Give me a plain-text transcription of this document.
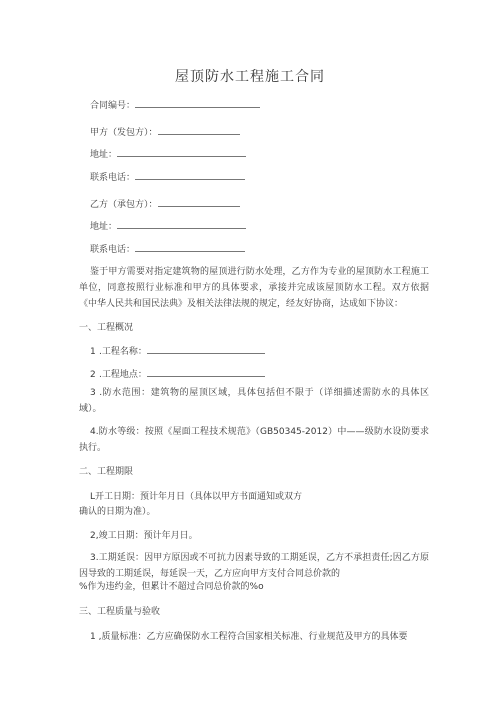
屋顶防水工程施工合同
合同编号：
甲方（发包方）：
地址：
联系电话：
乙方（承包方）：
地址：
联系电话：
鉴于甲方需要对指定建筑物的屋顶进行防水处理，乙方作为专业的屋顶防水工程施工单位，同意按照行业标准和甲方的具体要求，承接并完成该屋顶防水工程。双方依据《中华人民共和国民法典》及相关法律法规的规定，经友好协商，达成如下协议：
一、工程概况
1 .工程名称：
2 .工程地点：
3 .防水范围：建筑物的屋顶区域，具体包括但不限于（详细描述需防水的具体区域）。
4.防水等级：按照《屋面工程技术规范》（GB50345-2012）中——级防水设防要求执行。
二、工程期限
L开工日期：预计年月日（具体以甲方书面通知或双方
确认的日期为准）。
2,竣工日期：预计年月日。
3.工期延误：因甲方原因或不可抗力因素导致的工期延误，乙方不承担责任;因乙方原因导致的工期延误，每延误一天，乙方应向甲方支付合同总价款的
%作为违约金，但累计不超过合同总价款的%o
三、工程质量与验收
1 ,质量标准：乙方应确保防水工程符合国家相关标准、行业规范及甲方的具体要
